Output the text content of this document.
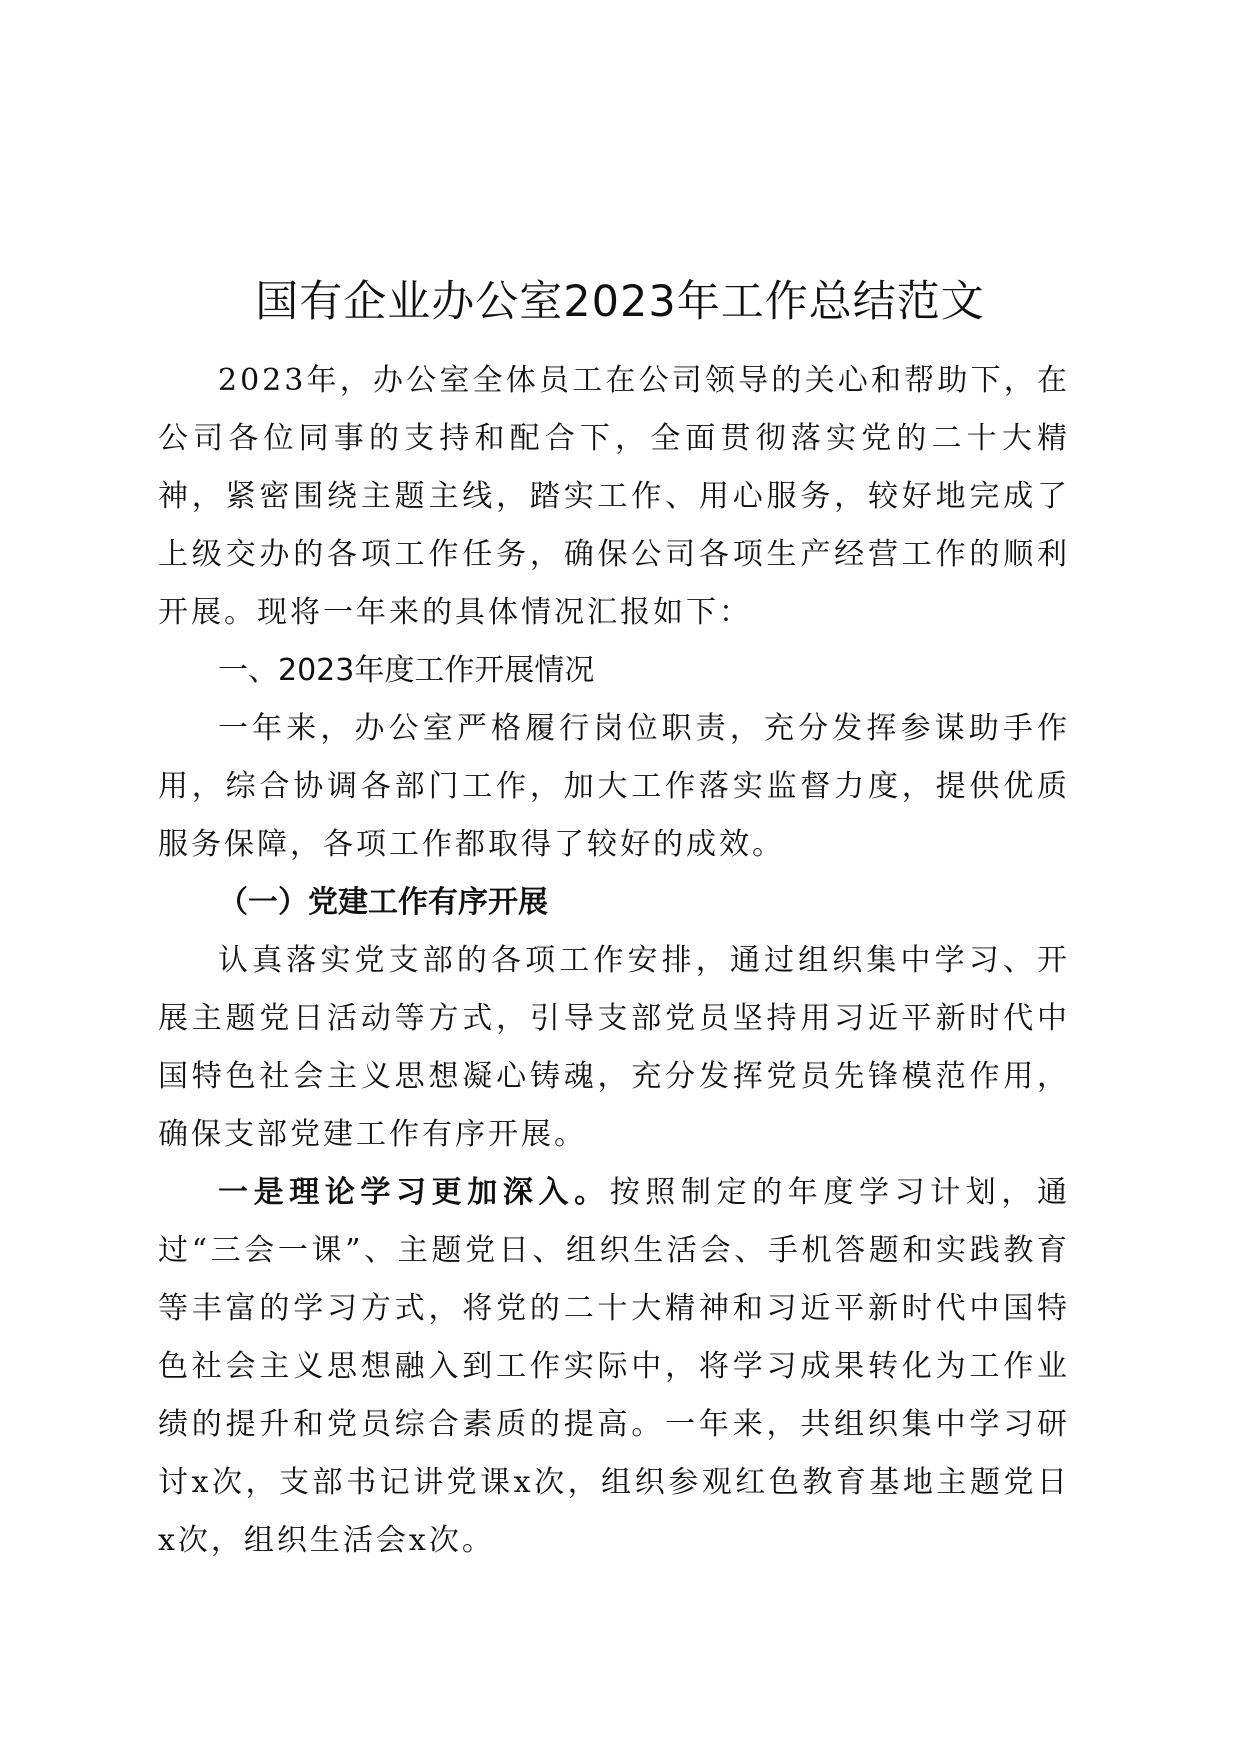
国有企业办公室2023年工作总结范文

2023年，办公室全体员工在公司领导的关心和帮助下，在公司各位同事的支持和配合下，全面贯彻落实党的二十大精神，紧密围绕主题主线，踏实工作、用心服务，较好地完成了上级交办的各项工作任务，确保公司各项生产经营工作的顺利开展。现将一年来的具体情况汇报如下：

一、2023年度工作开展情况

一年来，办公室严格履行岗位职责，充分发挥参谋助手作用，综合协调各部门工作，加大工作落实监督力度，提供优质服务保障，各项工作都取得了较好的成效。

（一）党建工作有序开展

认真落实党支部的各项工作安排，通过组织集中学习、开展主题党日活动等方式，引导支部党员坚持用习近平新时代中国特色社会主义思想凝心铸魂，充分发挥党员先锋模范作用，确保支部党建工作有序开展。

一是理论学习更加深入。按照制定的年度学习计划，通过“三会一课”、主题党日、组织生活会、手机答题和实践教育等丰富的学习方式，将党的二十大精神和习近平新时代中国特色社会主义思想融入到工作实际中，将学习成果转化为工作业绩的提升和党员综合素质的提高。一年来，共组织集中学习研讨x次，支部书记讲党课x次，组织参观红色教育基地主题党日x次，组织生活会x次。
